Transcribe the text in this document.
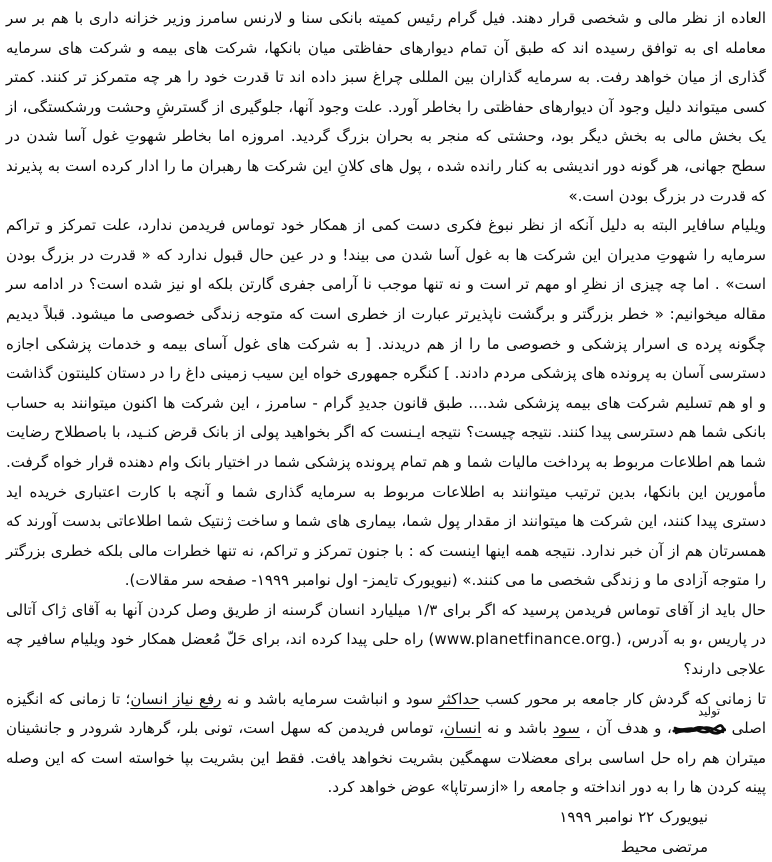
العاده از نظر مالی و شخصی قرار دهند. فیل گرام رئیس کمیته بانکی سنا و لارنس سامرز وزیر خزانه داری با هم بر سر معامله ای به توافق رسیده اند که طبق آن تمام دیوارهای حفاظتی میان بانکها، شرکت های بیمه و شرکت های سرمایه گذاری از میان خواهد رفت. به سرمایه گذاران بین المللی چراغ سبز داده اند تا قدرت خود را هر چه متمرکز تر کنند. کمتر کسی میتواند دلیل وجود آن دیوارهای حفاظتی را بخاطر آورد. علت وجود آنها، جلوگیری از گسترشِ وحشت ورشکستگی، از یک بخش مالی به بخش دیگر بود، وحشتی که منجر به بحران بزرگ گردید. امروزه اما بخاطر شهوتِ غول آسا شدن در سطح جهانی، هر گونه دور اندیشی به کنار رانده شده ، پول های کلانِ این شرکت ها رهبران ما را ادار کرده است به پذیرند که قدرت در بزرگ بودن است.»

ویلیام سافایر البته به دلیل آنکه از نظر نبوغ فکری دست کمی از همکار خود توماس فریدمن ندارد، علت تمرکز و تراکم سرمایه را شهوتِ مدیران این شرکت ها به غول آسا شدن می بیند! و در عین حال قبول ندارد که « قدرت در بزرگ بودن است» . اما چه چیزی از نظرِ او مهم تر است و نه تنها موجب نا آرامی جفری گارتن بلکه او نیز شده است؟ در ادامه سر مقاله میخوانیم: « خطر بزرگتر و برگشت ناپذیرتر عبارت از خطری است که متوجه زندگی خصوصی ما میشود. قبلاً دیدیم چگونه پرده ی اسرار پزشکی و خصوصی ما را از هم دریدند. [ به شرکت های غول آسای بیمه و خدمات پزشکی اجازه دسترسی آسان به پرونده های پزشکی مردم دادند. ] کنگره جمهوری خواه این سیب زمینی داغ را در دستان کلینتون گذاشت و او هم تسلیم شرکت های بیمه پزشکی شد.... طبق قانون جدیدِ گرام - سامرز ، این شرکت ها اکنون میتوانند به حساب بانکی شما هم دسترسی پیدا کنند. نتیجه چیست؟ نتیجه ایـنست که اگر بخواهید پولی از بانک قرض کنـید، با باصطلاح رضایت شما هم اطلاعات مربوط به پرداخت مالیات شما و هم تمام پرونده پزشکی شما در اختیار بانک وام دهنده قرار خواه گرفت. مأمورین این بانکها، بدین ترتیب میتوانند به اطلاعات مربوط به سرمایه گذاری شما و آنچه با کارت اعتباری خریده اید دستری پیدا کنند، این شرکت ها میتوانند از مقدار پول شما، بیماری های شما و ساخت ژنتیک شما اطلاعاتی بدست آورند که همسرتان هم از آن خبر ندارد. نتیجه همه اینها اینست که : با جنون تمرکز و تراکم، نه تنها خطرات مالی بلکه خطری بزرگتر را متوجه آزادی ما و زندگی شخصی ما می کنند.» (نیویورک تایمز- اول نوامبر ۱۹۹۹- صفحه سر مقالات).

حال باید از آقای توماس فریدمن پرسید که اگر برای ۱/۳ میلیارد انسان گرسنه از طریق وصل کردن آنها به آقای ژاک آتالی در پاریس ،و به آدرس، (www.planetfinance.org.) راه حلی پیدا کرده اند، برای حَلّ مُعضل همکار خود ویلیام سافیر چه علاجی دارند؟

تا زمانی که گردش کار جامعه بر محور کسب حداکثر سود و انباشت سرمایه باشد و نه رفع نیاز انسان؛ تا زمانی که انگیزه اصلی
تولید
، و هدف آن ، سود باشد و نه انسان، توماس فریدمن که سهل است، تونی بلر، گرهارد شرودر و جانشینان میتران هم راه حل اساسی برای معضلات سهمگین بشریت نخواهد یافت. فقط این بشریت بپا خواسته است که این وصله پینه کردن ها را به دور انداخته و جامعه را «ازسرتاپا» عوض خواهد کرد.

نیویورک ۲۲ نوامبر ۱۹۹۹
مرتضی محیط
